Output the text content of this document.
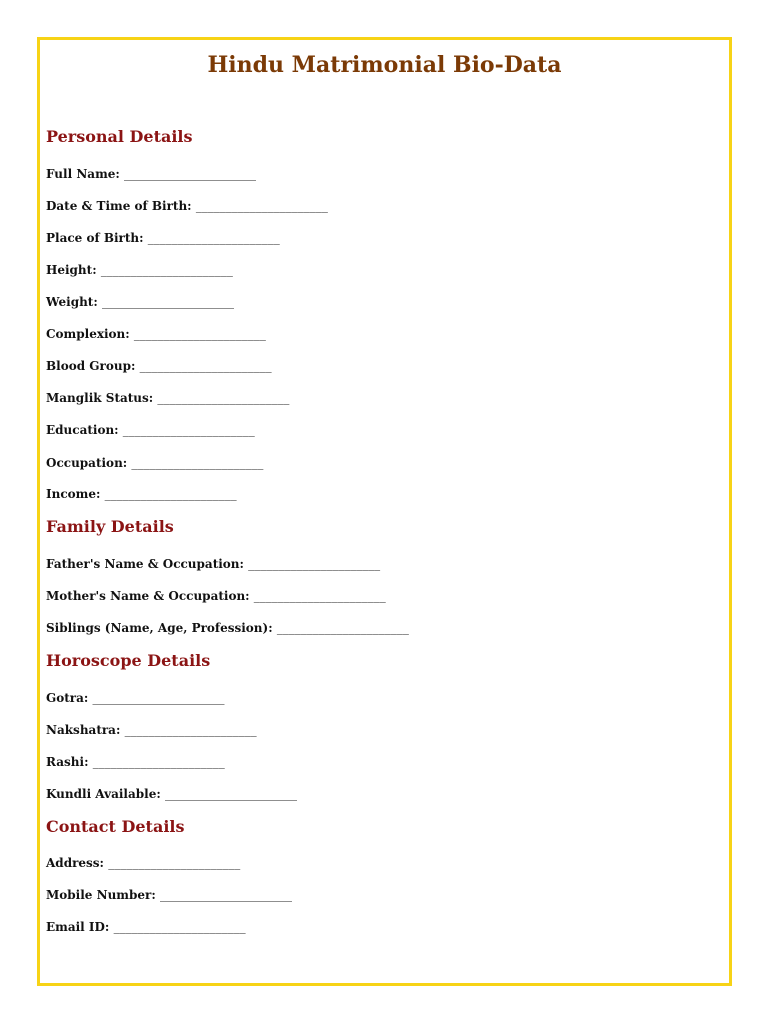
Hindu Matrimonial Bio-Data
Personal Details
Full Name: ______________________
Date & Time of Birth: ______________________
Place of Birth: ______________________
Height: ______________________
Weight: ______________________
Complexion: ______________________
Blood Group: ______________________
Manglik Status: ______________________
Education: ______________________
Occupation: ______________________
Income: ______________________
Family Details
Father's Name & Occupation: ______________________
Mother's Name & Occupation: ______________________
Siblings (Name, Age, Profession): ______________________
Horoscope Details
Gotra: ______________________
Nakshatra: ______________________
Rashi: ______________________
Kundli Available: ______________________
Contact Details
Address: ______________________
Mobile Number: ______________________
Email ID: ______________________
